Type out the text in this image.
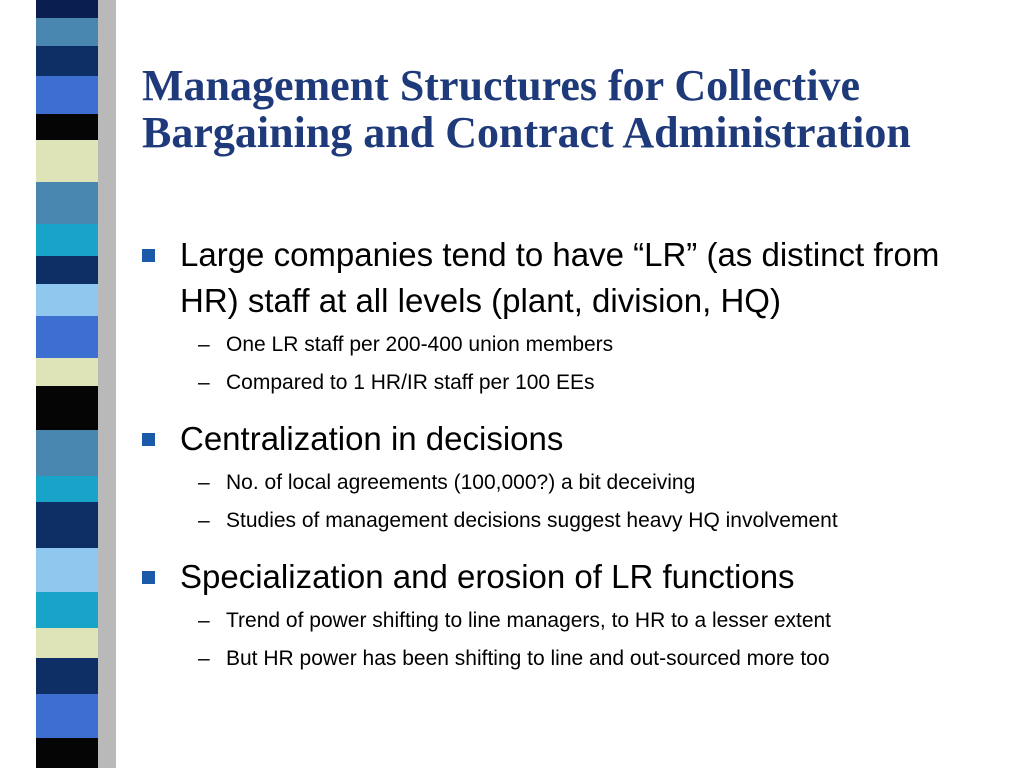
Management Structures for Collective Bargaining and Contract Administration

Large companies tend to have “LR” (as distinct from HR) staff at all levels (plant, division, HQ)

– One LR staff per 200-400 union members
– Compared to 1 HR/IR staff per 100 EEs

Centralization in decisions

– No. of local agreements (100,000?) a bit deceiving
– Studies of management decisions suggest heavy HQ involvement

Specialization and erosion of LR functions

– Trend of power shifting to line managers, to HR to a lesser extent
– But HR power has been shifting to line and out-sourced more too
